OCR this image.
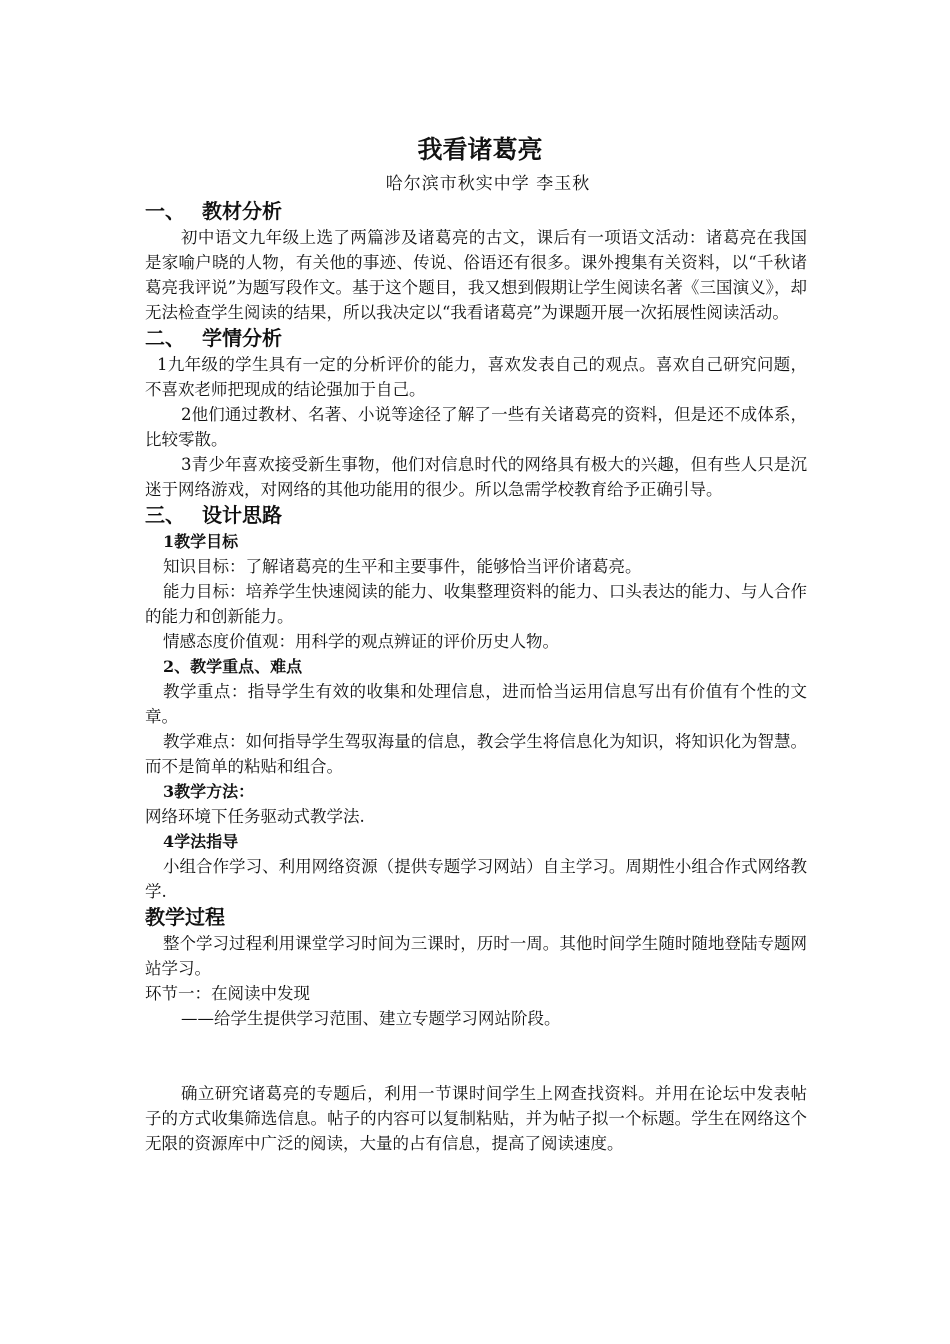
我看诸葛亮
哈尔滨市秋实中学 李玉秋
一、 教材分析
初中语文九年级上选了两篇涉及诸葛亮的古文，课后有一项语文活动：诸葛亮在我国是家喻户晓的人物，有关他的事迹、传说、俗语还有很多。课外搜集有关资料，以“千秋诸葛亮我评说”为题写段作文。基于这个题目，我又想到假期让学生阅读名著《三国演义》，却无法检查学生阅读的结果，所以我决定以“我看诸葛亮”为课题开展一次拓展性阅读活动。
二、 学情分析
1九年级的学生具有一定的分析评价的能力，喜欢发表自己的观点。喜欢自己研究问题，不喜欢老师把现成的结论强加于自己。
2他们通过教材、名著、小说等途径了解了一些有关诸葛亮的资料，但是还不成体系，比较零散。
3青少年喜欢接受新生事物，他们对信息时代的网络具有极大的兴趣，但有些人只是沉迷于网络游戏，对网络的其他功能用的很少。所以急需学校教育给予正确引导。
三、 设计思路
1教学目标
知识目标：了解诸葛亮的生平和主要事件，能够恰当评价诸葛亮。
能力目标：培养学生快速阅读的能力、收集整理资料的能力、口头表达的能力、与人合作的能力和创新能力。
情感态度价值观：用科学的观点辨证的评价历史人物。
2、教学重点、难点
教学重点：指导学生有效的收集和处理信息，进而恰当运用信息写出有价值有个性的文章。
教学难点：如何指导学生驾驭海量的信息，教会学生将信息化为知识，将知识化为智慧。而不是简单的粘贴和组合。
3教学方法：
网络环境下任务驱动式教学法.
4学法指导
小组合作学习、利用网络资源（提供专题学习网站）自主学习。周期性小组合作式网络教学.
教学过程
整个学习过程利用课堂学习时间为三课时，历时一周。其他时间学生随时随地登陆专题网站学习。
环节一：在阅读中发现
——给学生提供学习范围、建立专题学习网站阶段。
确立研究诸葛亮的专题后，利用一节课时间学生上网查找资料。并用在论坛中发表帖子的方式收集筛选信息。帖子的内容可以复制粘贴，并为帖子拟一个标题。学生在网络这个无限的资源库中广泛的阅读，大量的占有信息，提高了阅读速度。
